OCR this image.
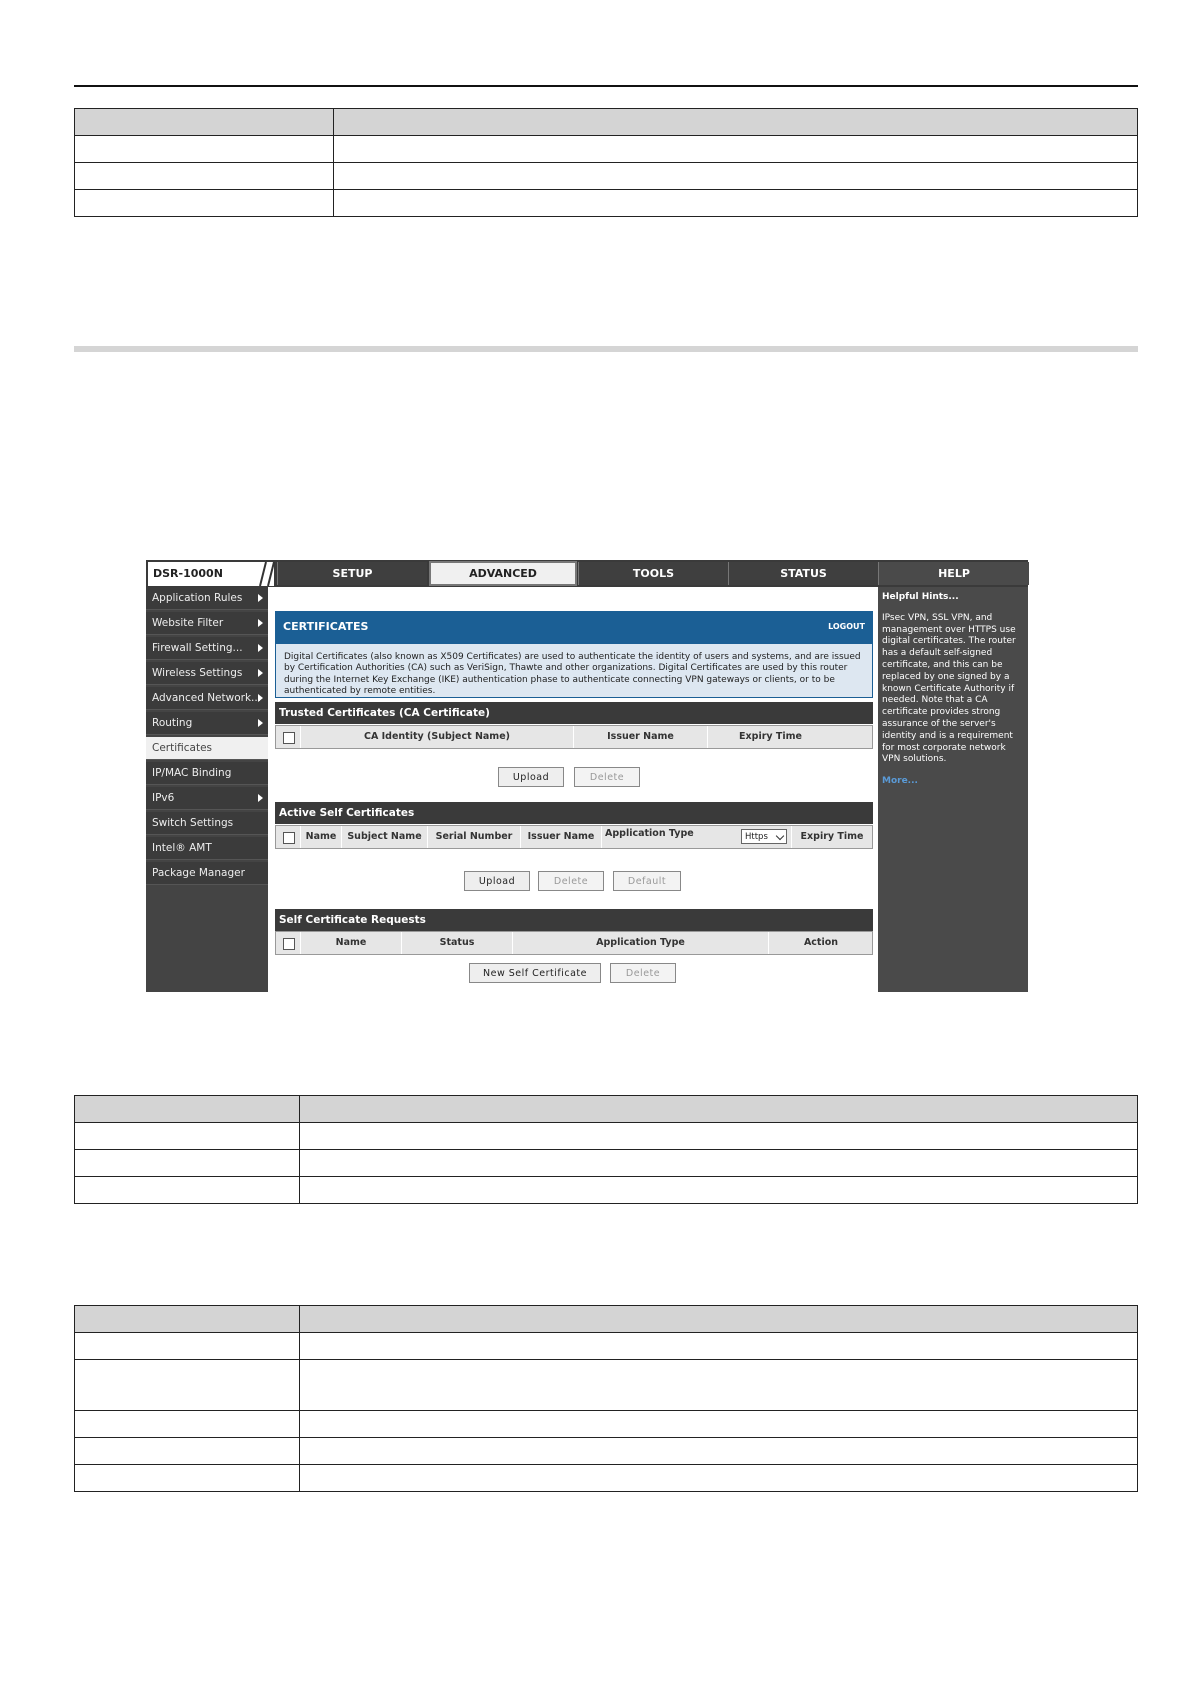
DSR-1000N	SETUP	ADVANCED	TOOLS	STATUS	HELP
Application Rules
Website Filter
Firewall Setting...
Wireless Settings
Advanced Network...
Routing
Certificates
IP/MAC Binding
IPv6
Switch Settings
Intel® AMT
Package Manager
CERTIFICATES	LOGOUT
Digital Certificates (also known as X509 Certificates) are used to authenticate the identity of users and systems, and are issued by Certification Authorities (CA) such as VeriSign, Thawte and other organizations. Digital Certificates are used by this router during the Internet Key Exchange (IKE) authentication phase to authenticate connecting VPN gateways or clients, or to be authenticated by remote entities.
Trusted Certificates (CA Certificate)
CA Identity (Subject Name)	Issuer Name	Expiry Time
Upload	Delete
Active Self Certificates
Name	Subject Name	Serial Number	Issuer Name	Application Type	Https	Expiry Time
Upload	Delete	Default
Self Certificate Requests
Name	Status	Application Type	Action
New Self Certificate	Delete
Helpful Hints...
IPsec VPN, SSL VPN, and management over HTTPS use digital certificates. The router has a default self-signed certificate, and this can be replaced by one signed by a known Certificate Authority if needed. Note that a CA certificate provides strong assurance of the server's identity and is a requirement for most corporate network VPN solutions.
More...
